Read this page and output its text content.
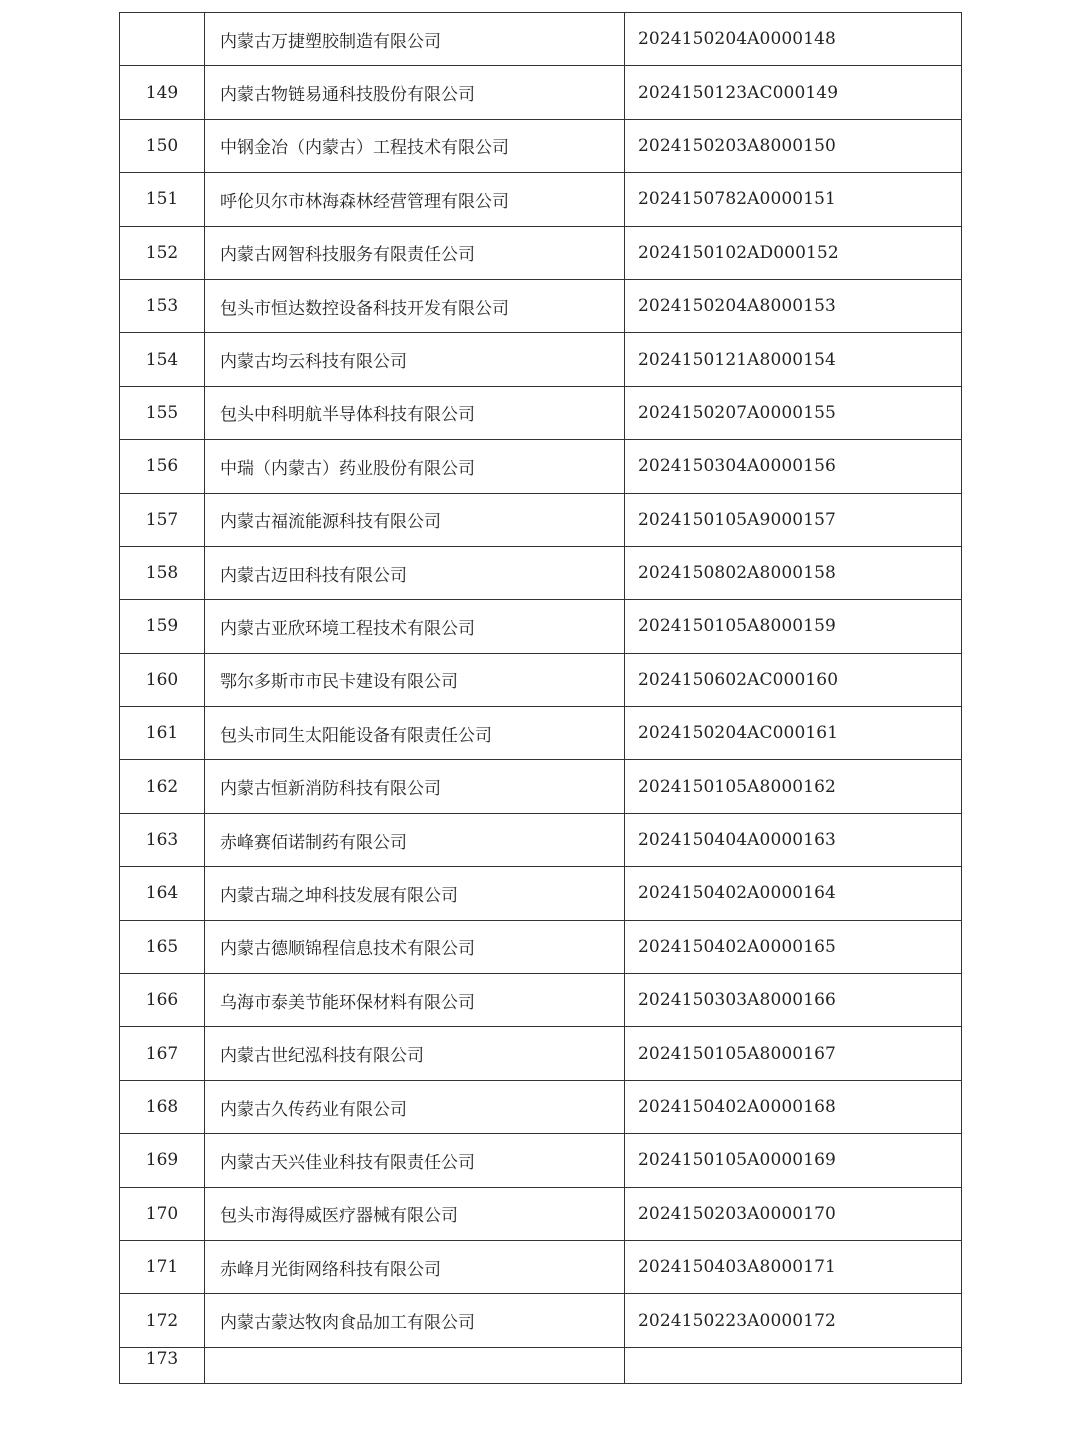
	内蒙古万捷塑胶制造有限公司	2024150204A0000148
149	内蒙古物链易通科技股份有限公司	2024150123AC000149
150	中钢金冶（内蒙古）工程技术有限公司	2024150203A8000150
151	呼伦贝尔市林海森林经营管理有限公司	2024150782A0000151
152	内蒙古网智科技服务有限责任公司	2024150102AD000152
153	包头市恒达数控设备科技开发有限公司	2024150204A8000153
154	内蒙古均云科技有限公司	2024150121A8000154
155	包头中科明航半导体科技有限公司	2024150207A0000155
156	中瑞（内蒙古）药业股份有限公司	2024150304A0000156
157	内蒙古福流能源科技有限公司	2024150105A9000157
158	内蒙古迈田科技有限公司	2024150802A8000158
159	内蒙古亚欣环境工程技术有限公司	2024150105A8000159
160	鄂尔多斯市市民卡建设有限公司	2024150602AC000160
161	包头市同生太阳能设备有限责任公司	2024150204AC000161
162	内蒙古恒新消防科技有限公司	2024150105A8000162
163	赤峰赛佰诺制药有限公司	2024150404A0000163
164	内蒙古瑞之坤科技发展有限公司	2024150402A0000164
165	内蒙古德顺锦程信息技术有限公司	2024150402A0000165
166	乌海市泰美节能环保材料有限公司	2024150303A8000166
167	内蒙古世纪泓科技有限公司	2024150105A8000167
168	内蒙古久传药业有限公司	2024150402A0000168
169	内蒙古天兴佳业科技有限责任公司	2024150105A0000169
170	包头市海得威医疗器械有限公司	2024150203A0000170
171	赤峰月光街网络科技有限公司	2024150403A8000171
172	内蒙古蒙达牧肉食品加工有限公司	2024150223A0000172
173		
